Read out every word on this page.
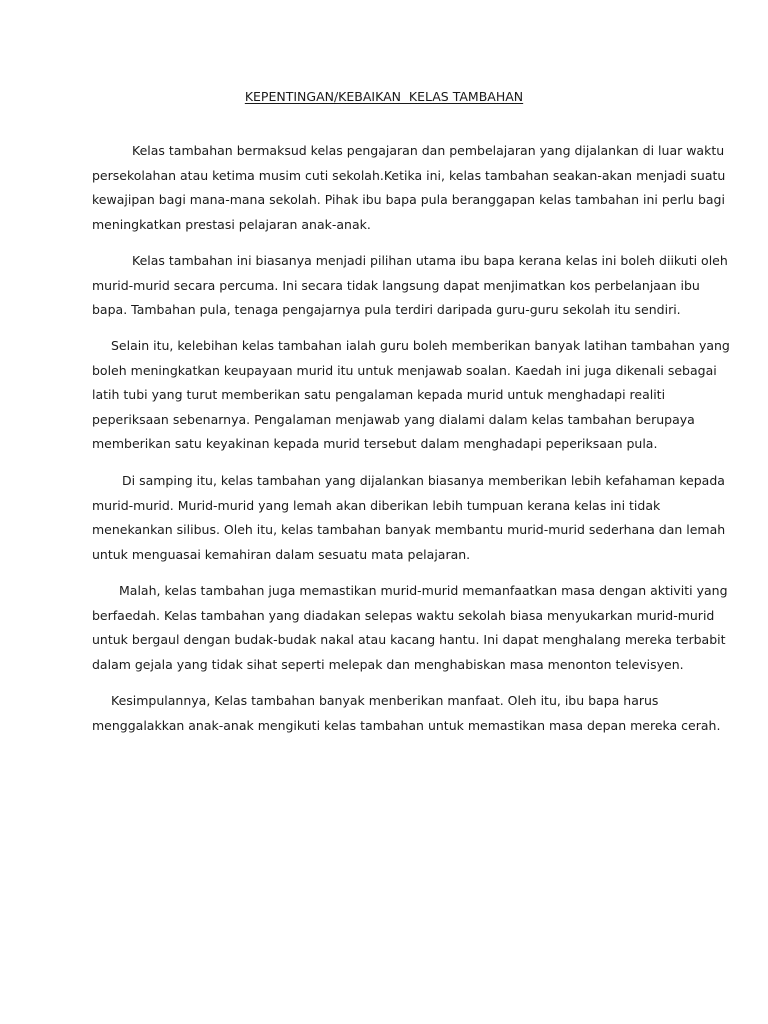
KEPENTINGAN/KEBAIKAN  KELAS TAMBAHAN

Kelas tambahan bermaksud kelas pengajaran dan pembelajaran yang dijalankan di luar waktu
persekolahan atau ketima musim cuti sekolah.Ketika ini, kelas tambahan seakan-akan menjadi suatu
kewajipan bagi mana-mana sekolah. Pihak ibu bapa pula beranggapan kelas tambahan ini perlu bagi
meningkatkan prestasi pelajaran anak-anak.

Kelas tambahan ini biasanya menjadi pilihan utama ibu bapa kerana kelas ini boleh diikuti oleh
murid-murid secara percuma. Ini secara tidak langsung dapat menjimatkan kos perbelanjaan ibu
bapa. Tambahan pula, tenaga pengajarnya pula terdiri daripada guru-guru sekolah itu sendiri.

Selain itu, kelebihan kelas tambahan ialah guru boleh memberikan banyak latihan tambahan yang
boleh meningkatkan keupayaan murid itu untuk menjawab soalan. Kaedah ini juga dikenali sebagai
latih tubi yang turut memberikan satu pengalaman kepada murid untuk menghadapi realiti
peperiksaan sebenarnya. Pengalaman menjawab yang dialami dalam kelas tambahan berupaya
memberikan satu keyakinan kepada murid tersebut dalam menghadapi peperiksaan pula.

Di samping itu, kelas tambahan yang dijalankan biasanya memberikan lebih kefahaman kepada
murid-murid. Murid-murid yang lemah akan diberikan lebih tumpuan kerana kelas ini tidak
menekankan silibus. Oleh itu, kelas tambahan banyak membantu murid-murid sederhana dan lemah
untuk menguasai kemahiran dalam sesuatu mata pelajaran.

Malah, kelas tambahan juga memastikan murid-murid memanfaatkan masa dengan aktiviti yang
berfaedah. Kelas tambahan yang diadakan selepas waktu sekolah biasa menyukarkan murid-murid
untuk bergaul dengan budak-budak nakal atau kacang hantu. Ini dapat menghalang mereka terbabit
dalam gejala yang tidak sihat seperti melepak dan menghabiskan masa menonton televisyen.

Kesimpulannya, Kelas tambahan banyak menberikan manfaat. Oleh itu, ibu bapa harus
menggalakkan anak-anak mengikuti kelas tambahan untuk memastikan masa depan mereka cerah.
